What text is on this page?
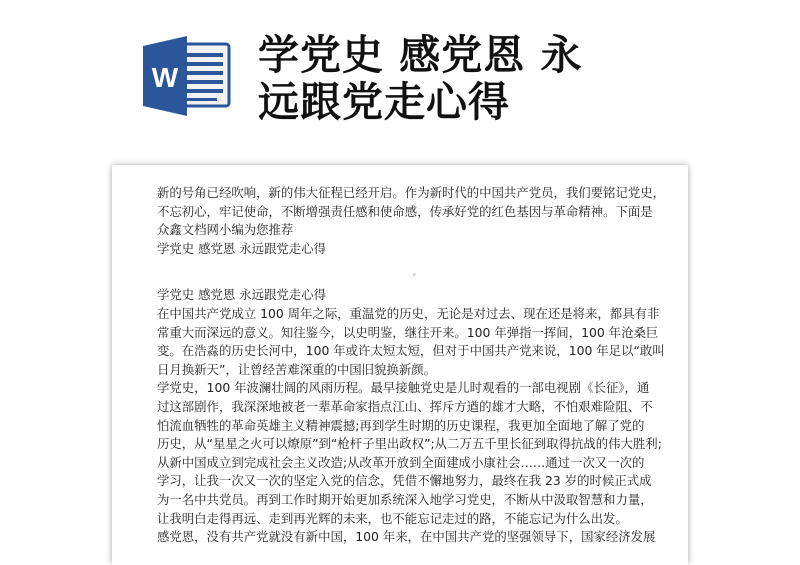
W 学党史 感党恩 永
远跟党走心得
新的号角已经吹响，新的伟大征程已经开启。作为新时代的中国共产党员，我们要铭记党史，
不忘初心，牢记使命，不断增强责任感和使命感，传承好党的红色基因与革命精神。下面是
众鑫文档网小编为您推荐
学党史 感党恩 永远跟党走心得
。
学党史 感党恩 永远跟党走心得
在中国共产党成立 100 周年之际，重温党的历史，无论是对过去、现在还是将来，都具有非
常重大而深远的意义。知往鉴今，以史明鉴，继往开来。100 年弹指一挥间，100 年沧桑巨
变。在浩淼的历史长河中，100 年或许太短太短，但对于中国共产党来说，100 年足以“敢叫
日月换新天”，让曾经苦难深重的中国旧貌换新颜。
学党史，100 年波澜壮阔的风雨历程。最早接触党史是儿时观看的一部电视剧《长征》，通
过这部剧作，我深深地被老一辈革命家指点江山、挥斥方遒的雄才大略，不怕艰难险阻、不
怕流血牺牲的革命英雄主义精神震撼;再到学生时期的历史课程，我更加全面地了解了党的
历史，从“星星之火可以燎原”到“枪杆子里出政权”;从二万五千里长征到取得抗战的伟大胜利;
从新中国成立到完成社会主义改造;从改革开放到全面建成小康社会……通过一次又一次的
学习，让我一次又一次的坚定入党的信念，凭借不懈地努力，最终在我 23 岁的时候正式成
为一名中共党员。再到工作时期开始更加系统深入地学习党史，不断从中汲取智慧和力量，
让我明白走得再远、走到再光辉的未来，也不能忘记走过的路，不能忘记为什么出发。
感党恩，没有共产党就没有新中国，100 年来，在中国共产党的坚强领导下，国家经济发展
